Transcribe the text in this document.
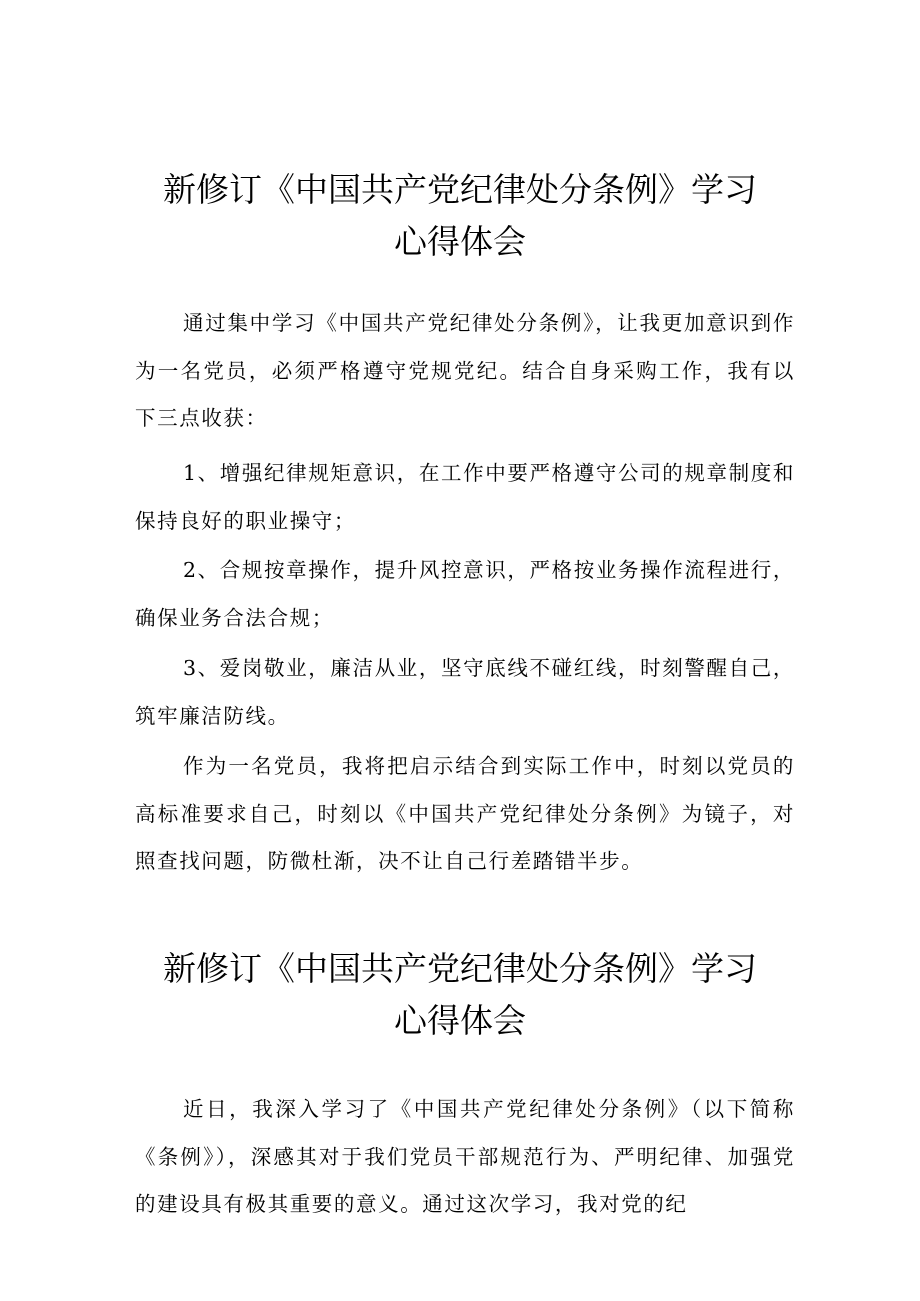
新修订《中国共产党纪律处分条例》学习
心得体会

通过集中学习《中国共产党纪律处分条例》，让我更加意识到作为一名党员，必须严格遵守党规党纪。结合自身采购工作，我有以下三点收获：

1、增强纪律规矩意识，在工作中要严格遵守公司的规章制度和保持良好的职业操守；

2、合规按章操作，提升风控意识，严格按业务操作流程进行，确保业务合法合规；

3、爱岗敬业，廉洁从业，坚守底线不碰红线，时刻警醒自己，筑牢廉洁防线。

作为一名党员，我将把启示结合到实际工作中，时刻以党员的高标准要求自己，时刻以《中国共产党纪律处分条例》为镜子，对照查找问题，防微杜渐，决不让自己行差踏错半步。

新修订《中国共产党纪律处分条例》学习
心得体会

近日，我深入学习了《中国共产党纪律处分条例》（以下简称《条例》），深感其对于我们党员干部规范行为、严明纪律、加强党的建设具有极其重要的意义。通过这次学习，我对党的纪
